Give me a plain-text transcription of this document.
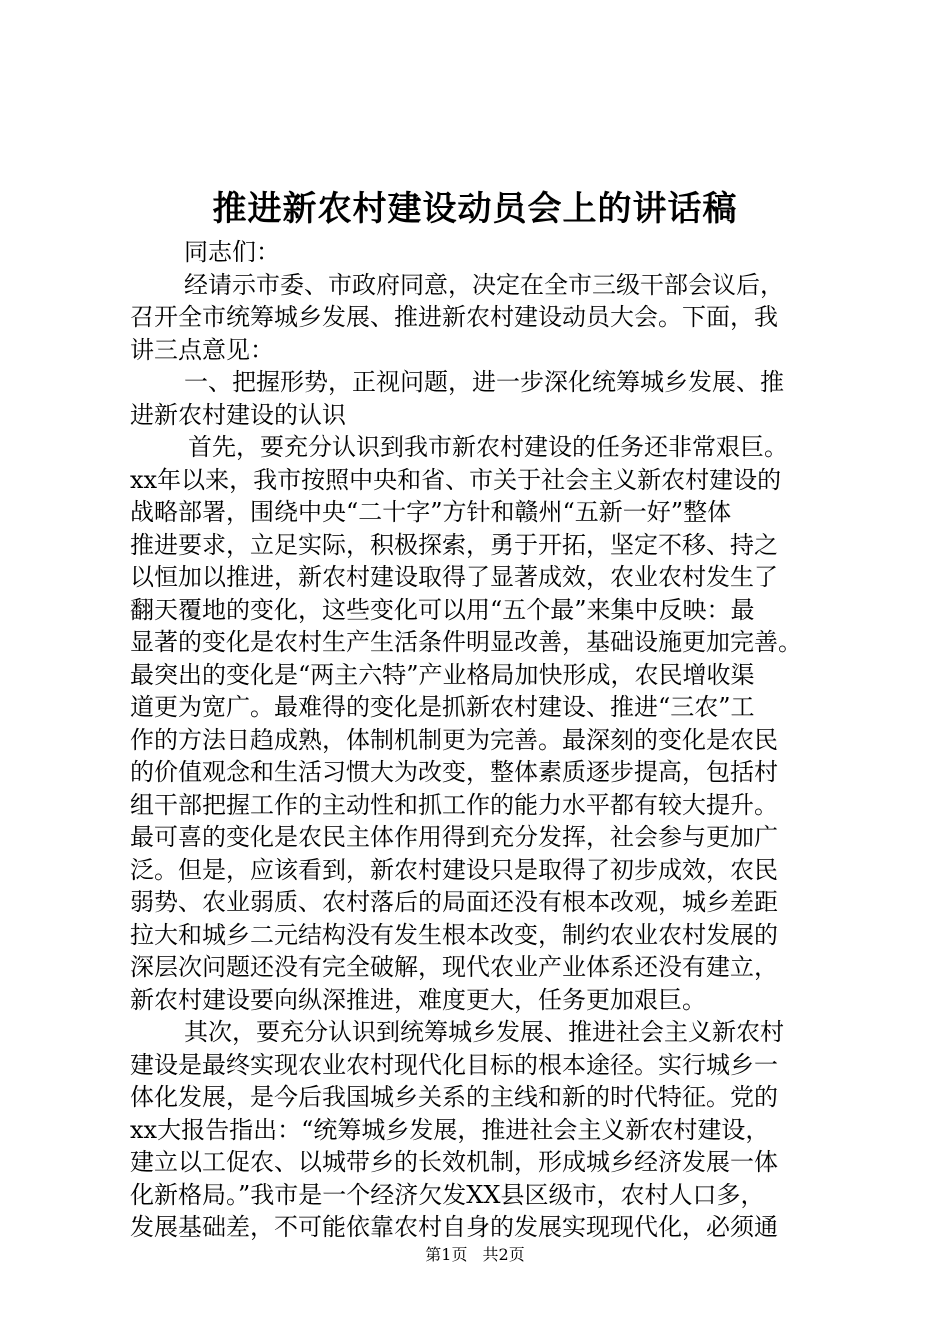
推进新农村建设动员会上的讲话稿
同志们：
经请示市委、市政府同意，决定在全市三级干部会议后，
召开全市统筹城乡发展、推进新农村建设动员大会。下面，我
讲三点意见：
一、把握形势，正视问题，进一步深化统筹城乡发展、推
进新农村建设的认识
首先，要充分认识到我市新农村建设的任务还非常艰巨。
xx年以来，我市按照中央和省、市关于社会主义新农村建设的
战略部署，围绕中央“二十字”方针和赣州“五新一好”整体
推进要求，立足实际，积极探索，勇于开拓，坚定不移、持之
以恒加以推进，新农村建设取得了显著成效，农业农村发生了
翻天覆地的变化，这些变化可以用“五个最”来集中反映：最
显著的变化是农村生产生活条件明显改善，基础设施更加完善。
最突出的变化是“两主六特”产业格局加快形成，农民增收渠
道更为宽广。最难得的变化是抓新农村建设、推进“三农”工
作的方法日趋成熟，体制机制更为完善。最深刻的变化是农民
的价值观念和生活习惯大为改变，整体素质逐步提高，包括村
组干部把握工作的主动性和抓工作的能力水平都有较大提升。
最可喜的变化是农民主体作用得到充分发挥，社会参与更加广
泛。但是，应该看到，新农村建设只是取得了初步成效，农民
弱势、农业弱质、农村落后的局面还没有根本改观，城乡差距
拉大和城乡二元结构没有发生根本改变，制约农业农村发展的
深层次问题还没有完全破解，现代农业产业体系还没有建立，
新农村建设要向纵深推进，难度更大，任务更加艰巨。
其次，要充分认识到统筹城乡发展、推进社会主义新农村
建设是最终实现农业农村现代化目标的根本途径。实行城乡一
体化发展，是今后我国城乡关系的主线和新的时代特征。党的
xx大报告指出：“统筹城乡发展，推进社会主义新农村建设，
建立以工促农、以城带乡的长效机制，形成城乡经济发展一体
化新格局。”我市是一个经济欠发XX县区级市，农村人口多，
发展基础差，不可能依靠农村自身的发展实现现代化，必须通
第1页 共2页
